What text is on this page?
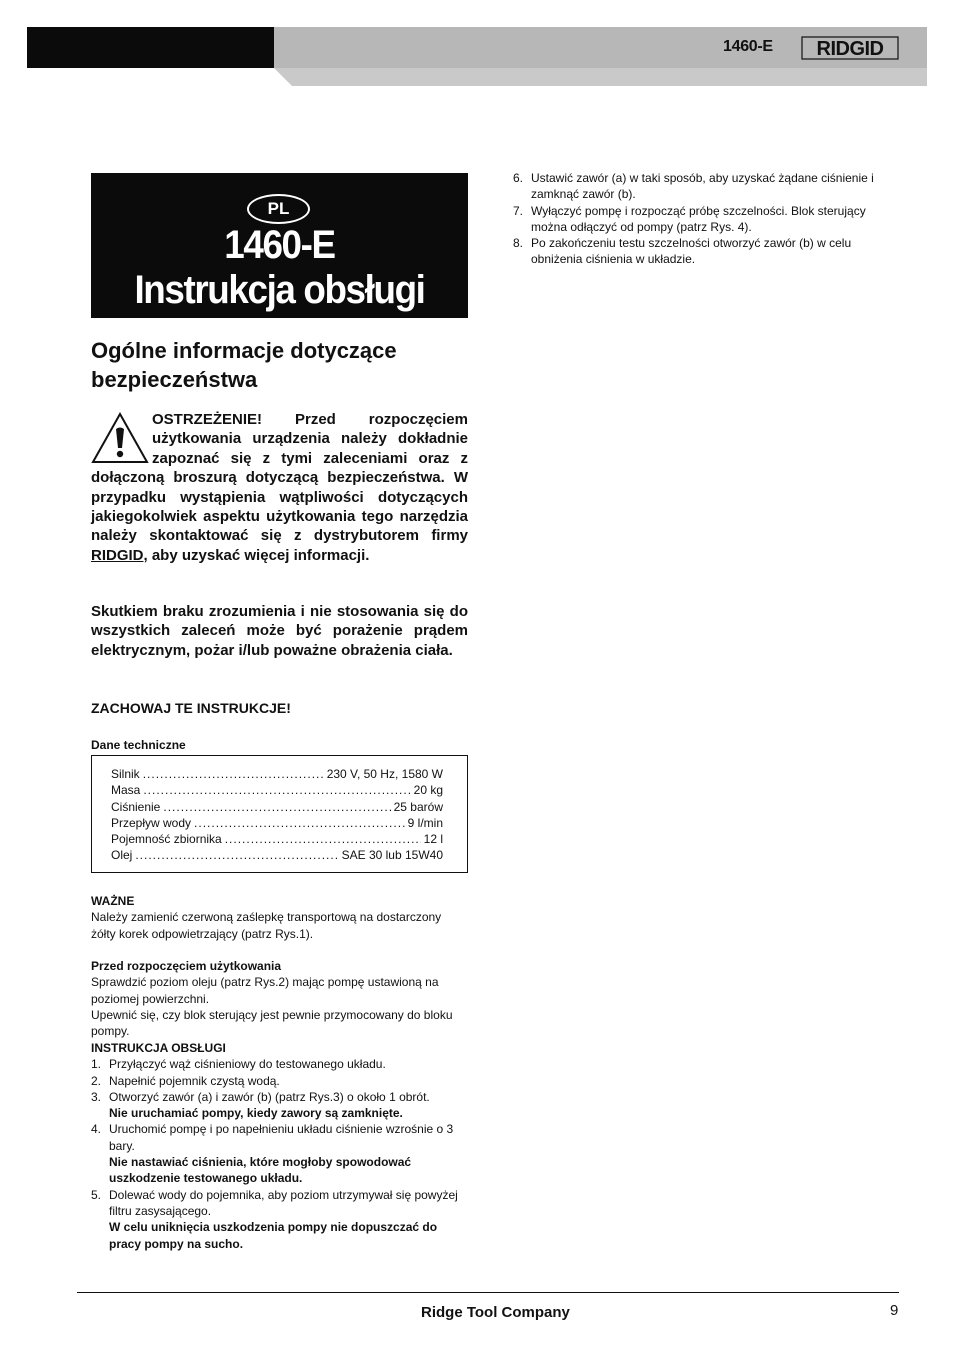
1460-E RIDGID
PL
1460-E
Instrukcja obsługi
Ogólne informacje dotyczące bezpieczeństwa
OSTRZEŻENIE! Przed rozpoczęciem użytkowania urządzenia należy dokładnie zapoznać się z tymi zaleceniami oraz z dołączoną broszurą dotyczącą bezpieczeństwa. W przypadku wystąpienia wątpliwości dotyczących jakiegokolwiek aspektu użytkowania tego narzędzia należy skontaktować się z dystrybutorem firmy RIDGID, aby uzyskać więcej informacji.
Skutkiem braku zrozumienia i nie stosowania się do wszystkich zaleceń może być porażenie prądem elektrycznym, pożar i/lub poważne obrażenia ciała.
ZACHOWAJ TE INSTRUKCJE!
Dane techniczne
Silnik .....	230 V, 50 Hz, 1580 W
Masa .....	20 kg
Ciśnienie .....	25 barów
Przepływ wody .....	9 l/min
Pojemność zbiornika .....	12 l
Olej .....	SAE 30 lub 15W40
WAŻNE
Należy zamienić czerwoną zaślepkę transportową na dostarczony żółty korek odpowietrzający (patrz Rys.1).
Przed rozpoczęciem użytkowania
Sprawdzić poziom oleju (patrz Rys.2) mając pompę ustawioną na poziomej powierzchni.
Upewnić się, czy blok sterujący jest pewnie przymocowany do bloku pompy.
INSTRUKCJA OBSŁUGI
1. Przyłączyć wąż ciśnieniowy do testowanego układu.
2. Napełnić pojemnik czystą wodą.
3. Otworzyć zawór (a) i zawór (b) (patrz Rys.3) o około 1 obrót.
Nie uruchamiać pompy, kiedy zawory są zamknięte.
4. Uruchomić pompę i po napełnieniu układu ciśnienie wzrośnie o 3 bary.
Nie nastawiać ciśnienia, które mogłoby spowodować uszkodzenie testowanego układu.
5. Dolewać wody do pojemnika, aby poziom utrzymywał się powyżej filtru zasysającego.
W celu uniknięcia uszkodzenia pompy nie dopuszczać do pracy pompy na sucho.
6. Ustawić zawór (a) w taki sposób, aby uzyskać żądane ciśnienie i zamknąć zawór (b).
7. Wyłączyć pompę i rozpocząć próbę szczelności. Blok sterujący można odłączyć od pompy (patrz Rys. 4).
8. Po zakończeniu testu szczelności otworzyć zawór (b) w celu obniżenia ciśnienia w układzie.
Ridge Tool Company	9
